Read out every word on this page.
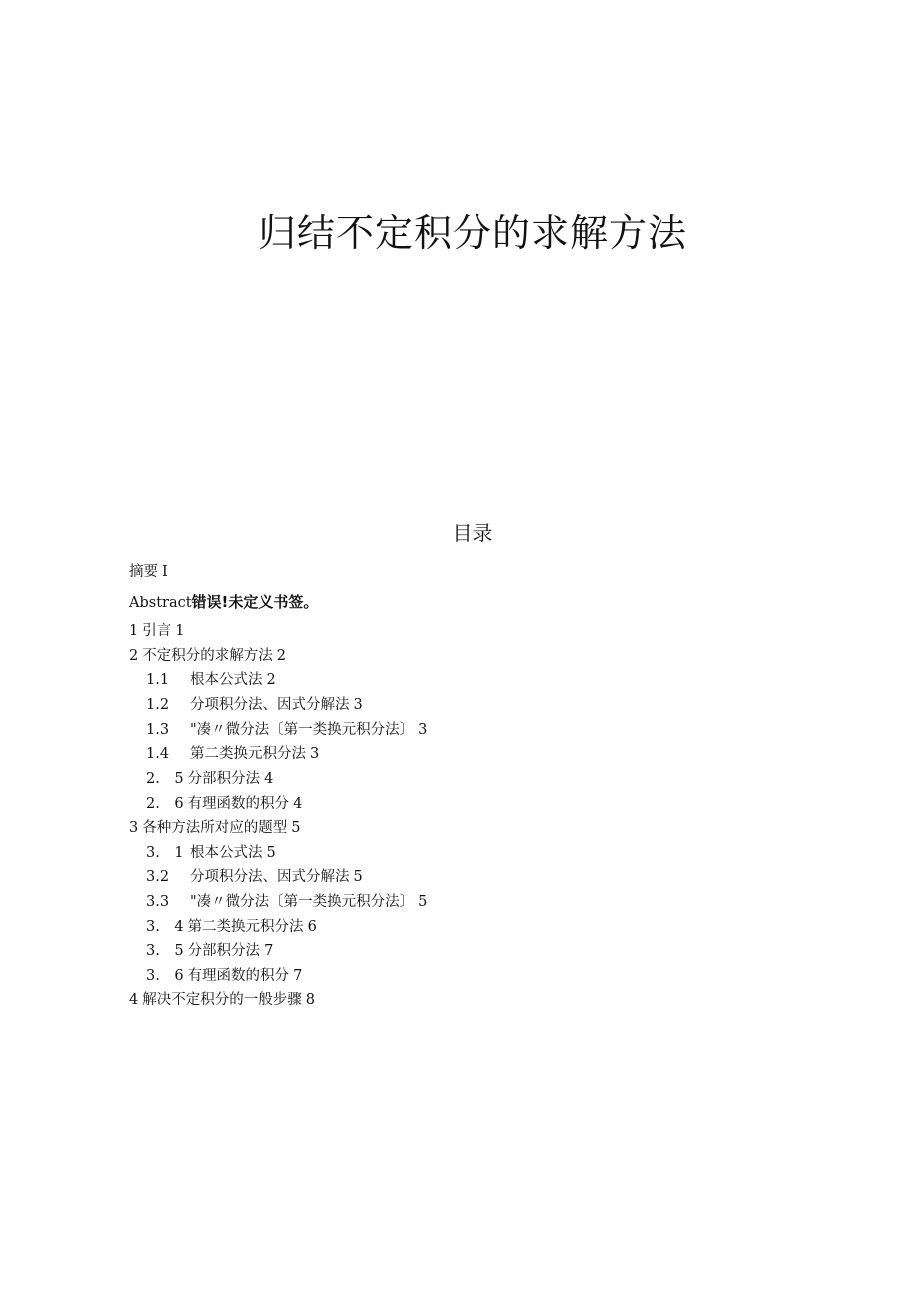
归结不定积分的求解方法
目录
摘要 I
Abstract错误!未定义书签。
1 引言 1
2 不定积分的求解方法 2
1.1 根本公式法 2
1.2 分项积分法、因式分解法 3
1.3 "凑〃微分法〔第一类换元积分法〕 3
1.4 第二类换元积分法 3
2.　5 分部积分法 4
2.　6 有理函数的积分 4
3 各种方法所对应的题型 5
3.　1 根本公式法 5
3.2 分项积分法、因式分解法 5
3.3 "凑〃微分法〔第一类换元积分法〕 5
3.　4 第二类换元积分法 6
3.　5 分部积分法 7
3.　6 有理函数的积分 7
4 解决不定积分的一般步骤 8
